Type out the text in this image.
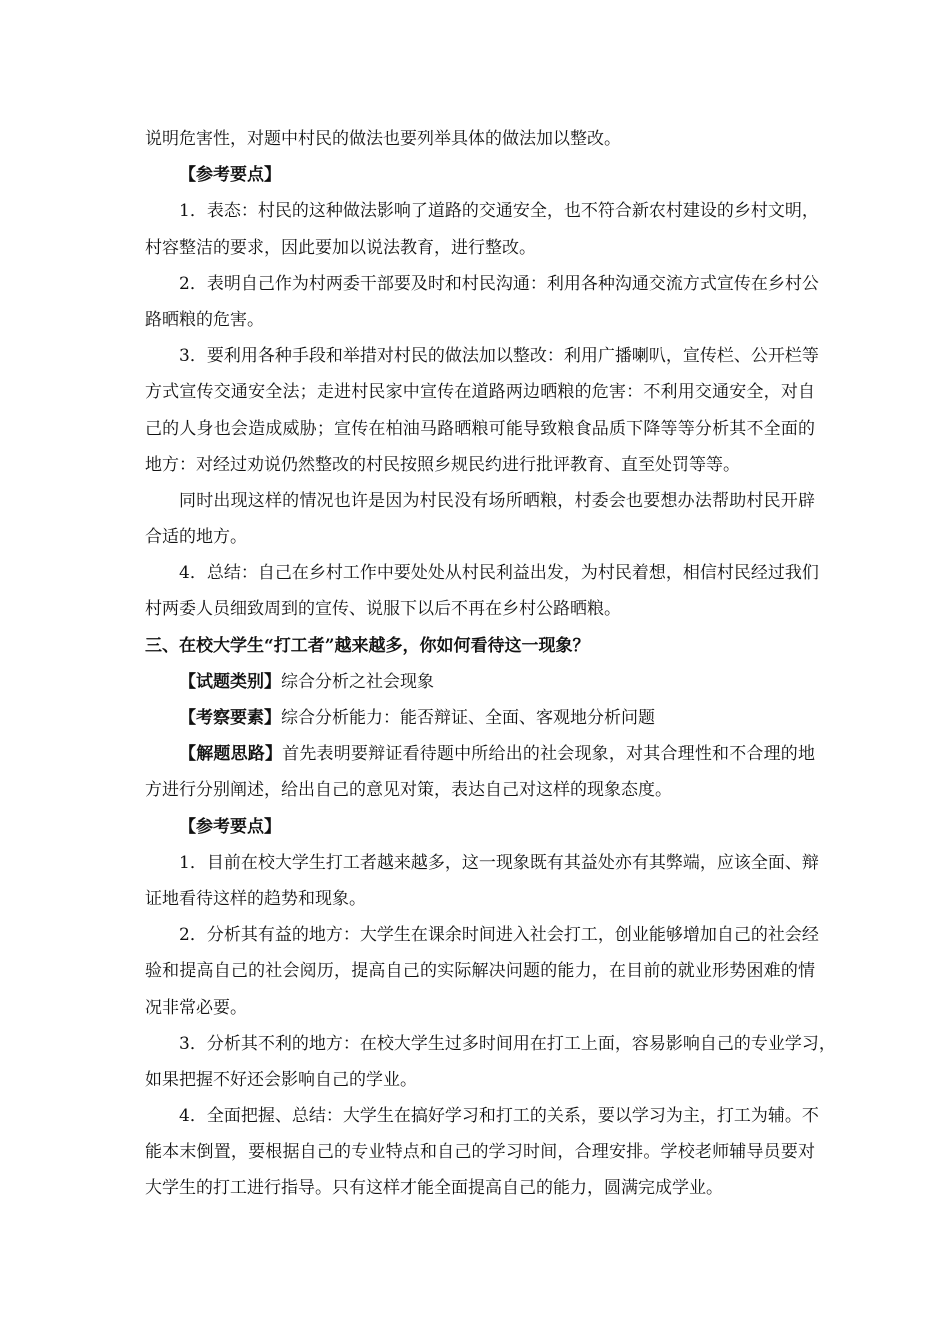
说明危害性，对题中村民的做法也要列举具体的做法加以整改。
【参考要点】
1．表态：村民的这种做法影响了道路的交通安全，也不符合新农村建设的乡村文明，
村容整洁的要求，因此要加以说法教育，进行整改。
2．表明自己作为村两委干部要及时和村民沟通：利用各种沟通交流方式宣传在乡村公
路晒粮的危害。
3．要利用各种手段和举措对村民的做法加以整改：利用广播喇叭，宣传栏、公开栏等
方式宣传交通安全法；走进村民家中宣传在道路两边晒粮的危害：不利用交通安全，对自
己的人身也会造成威胁；宣传在柏油马路晒粮可能导致粮食品质下降等等分析其不全面的
地方：对经过劝说仍然整改的村民按照乡规民约进行批评教育、直至处罚等等。
同时出现这样的情况也许是因为村民没有场所晒粮，村委会也要想办法帮助村民开辟
合适的地方。
4．总结：自己在乡村工作中要处处从村民利益出发，为村民着想，相信村民经过我们
村两委人员细致周到的宣传、说服下以后不再在乡村公路晒粮。
三、在校大学生“打工者”越来越多，你如何看待这一现象？
【试题类别】综合分析之社会现象
【考察要素】综合分析能力：能否辩证、全面、客观地分析问题
【解题思路】首先表明要辩证看待题中所给出的社会现象，对其合理性和不合理的地
方进行分别阐述，给出自己的意见对策，表达自己对这样的现象态度。
【参考要点】
1．目前在校大学生打工者越来越多，这一现象既有其益处亦有其弊端，应该全面、辩
证地看待这样的趋势和现象。
2．分析其有益的地方：大学生在课余时间进入社会打工，创业能够增加自己的社会经
验和提高自己的社会阅历，提高自己的实际解决问题的能力，在目前的就业形势困难的情
况非常必要。
3．分析其不利的地方：在校大学生过多时间用在打工上面，容易影响自己的专业学习，
如果把握不好还会影响自己的学业。
4．全面把握、总结：大学生在搞好学习和打工的关系，要以学习为主，打工为辅。不
能本末倒置，要根据自己的专业特点和自己的学习时间，合理安排。学校老师辅导员要对
大学生的打工进行指导。只有这样才能全面提高自己的能力，圆满完成学业。
